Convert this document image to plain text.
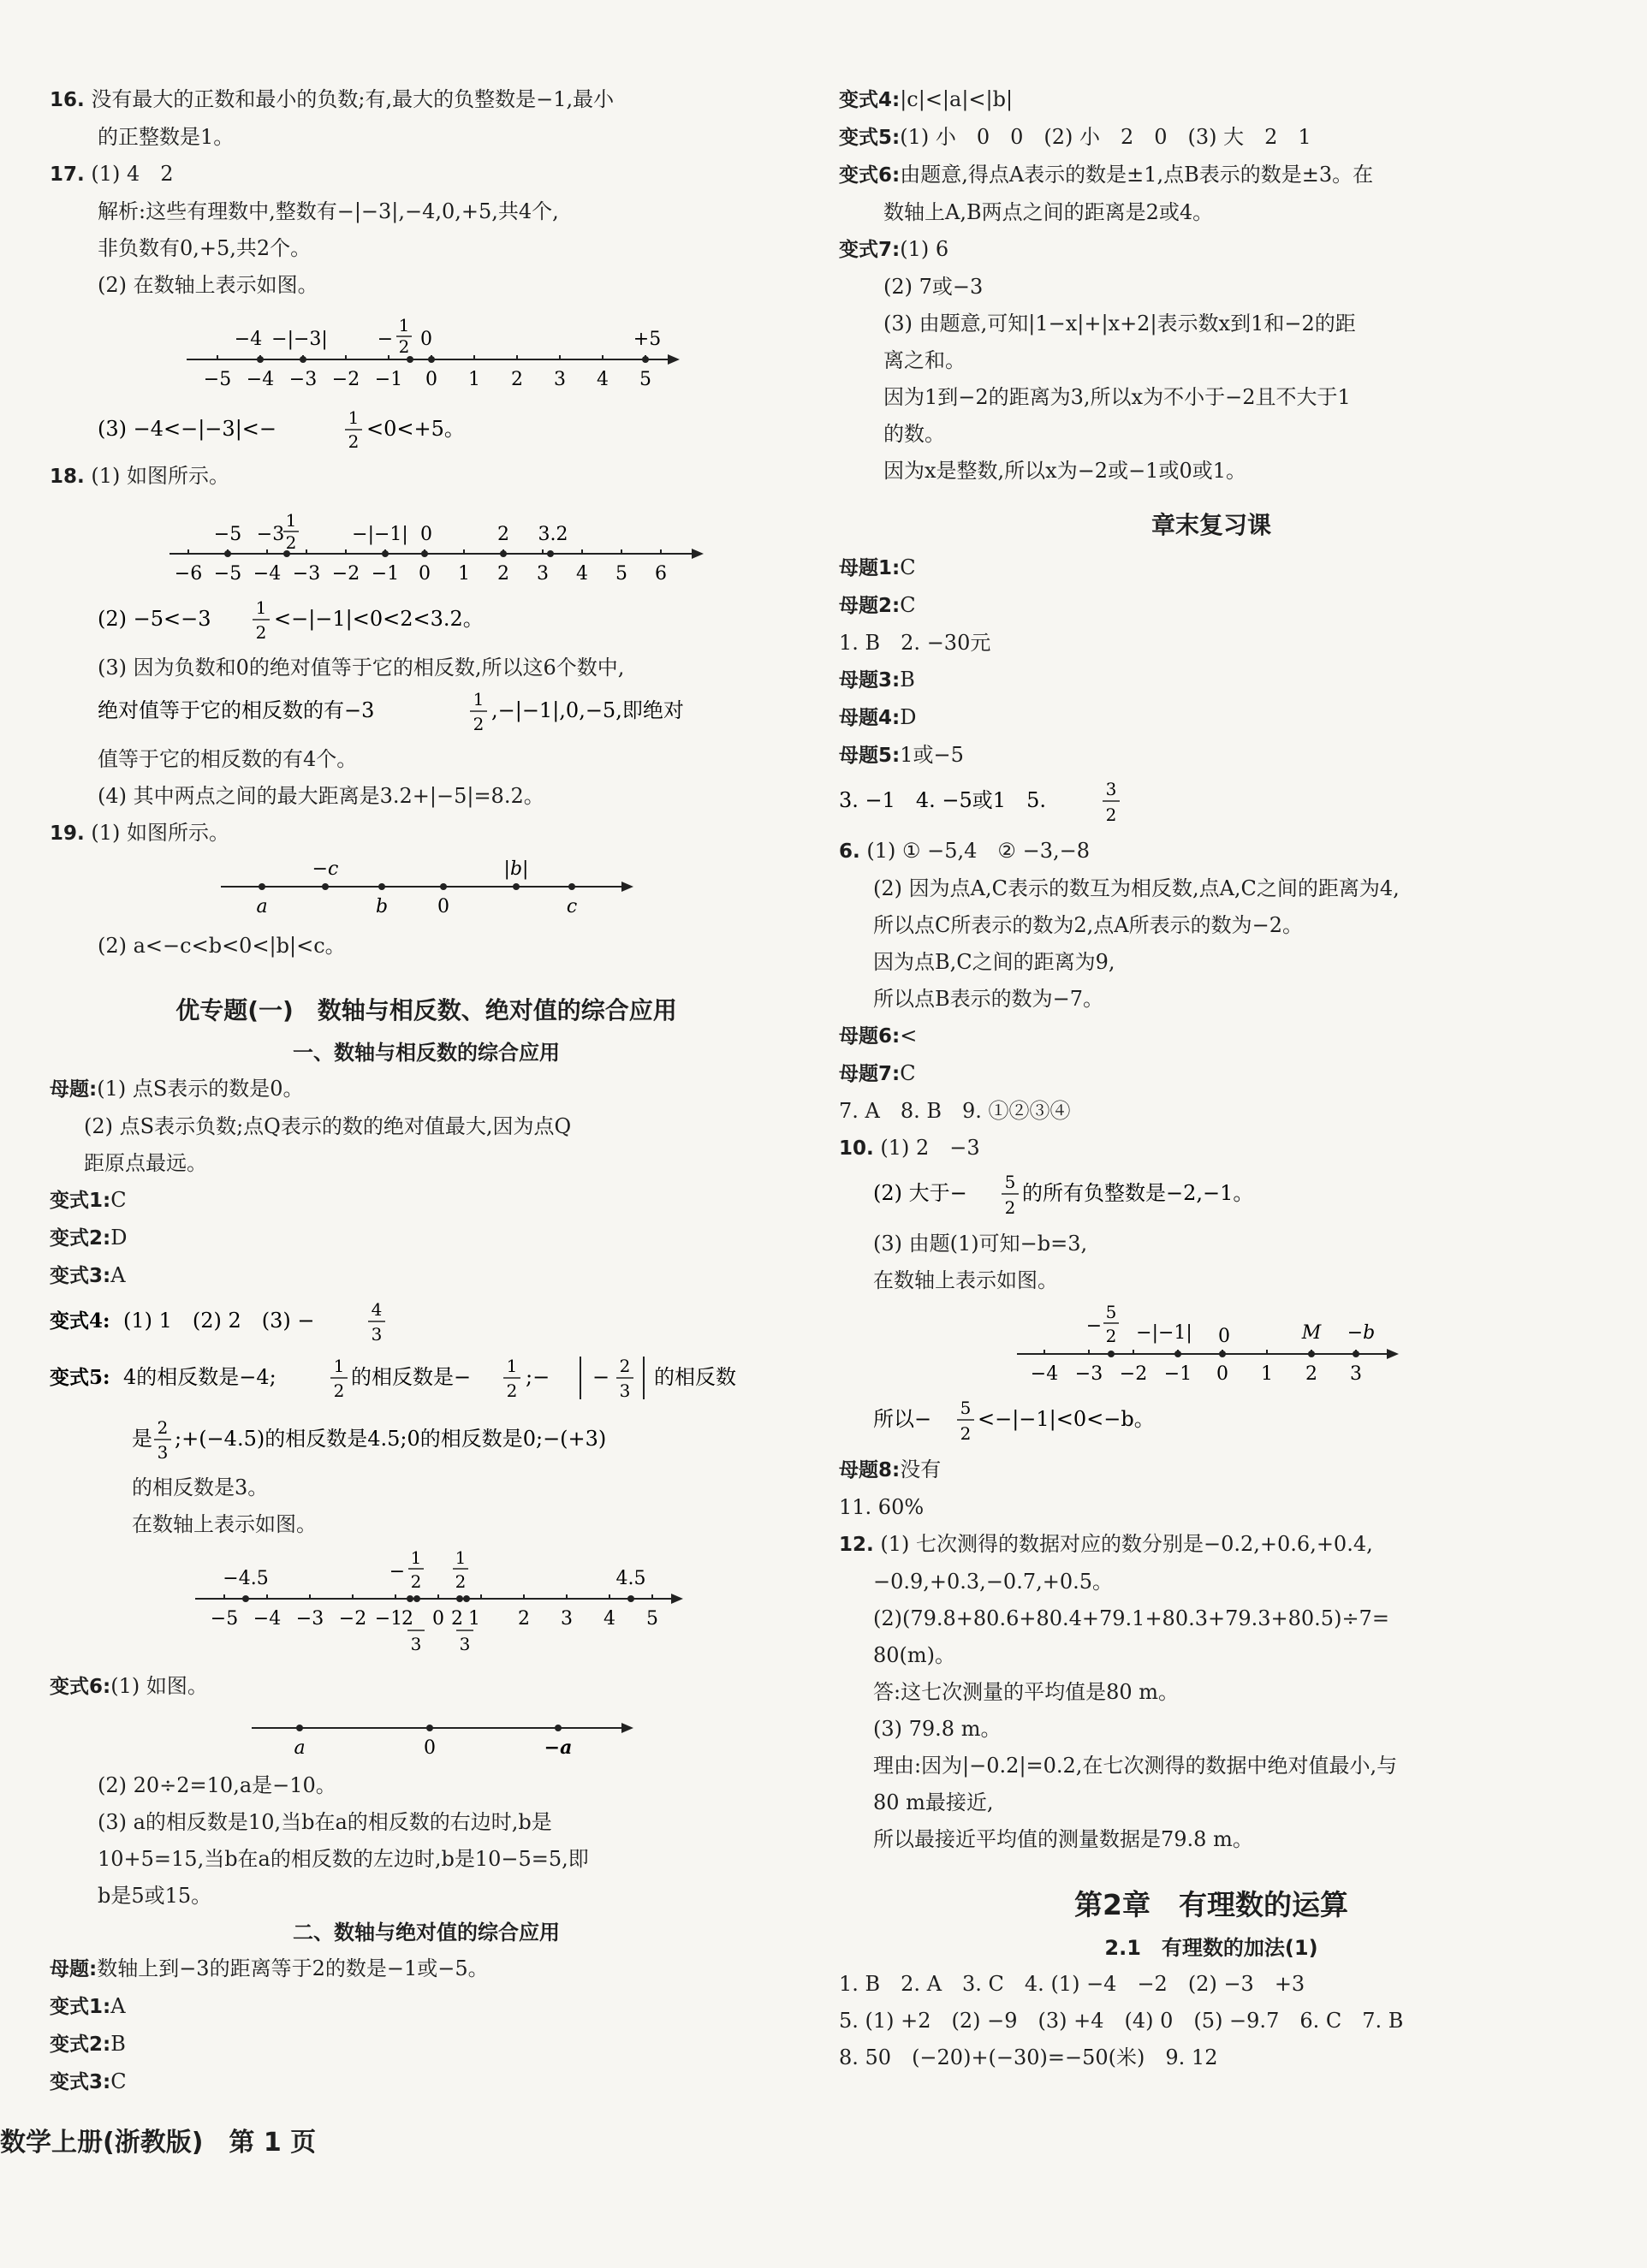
16. 没有最大的正数和最小的负数;有,最大的负整数是−1,最小
的正整数是1。
17. (1) 4　2
解析:这些有理数中,整数有−|−3|,−4,0,+5,共4个,
非负数有0,+5,共2个。
(2) 在数轴上表示如图。
−4 −|−3|	−
1
2 0	+5
−5 −4 −3 −2 −1 0 1 2 3 4 5

(3) −4<−|−3|<−	1
2
<0<+5。
18. (1) 如图所示。
−5 −3
1
2	−|−1| 0	2 3.2
−6 −5 −4 −3 −2 −1 0 1 2 3 4 5 6

(2) −5<−3	1
2
<−|−1|<0<2<3.2。
(3) 因为负数和0的绝对值等于它的相反数,所以这6个数中,
绝对值等于它的相反数的有−3	1
2
,−|−1|,0,−5,即绝对
值等于它的相反数的有4个。
(4) 其中两点之间的最大距离是3.2+|−5|=8.2。
19. (1) 如图所示。
−c	|b|
a	b	0	c
(2) a<−c<b<0<|b|<c。
优专题(一)　数轴与相反数、绝对值的综合应用
一、数轴与相反数的综合应用
母题:(1) 点S表示的数是0。
(2) 点S表示负数;点Q表示的数的绝对值最大,因为点Q
距原点最远。
变式1:C
变式2:D
变式3:A
变式4: (1) 1　(2) 2　(3) −	4
3

变式5: 4的相反数是−4;	1
2
的相反数是− 1
2
;− − 2
3
的相反数
是 2
3
;+(−4.5)的相反数是4.5;0的相反数是0;−(+3)
的相反数是3。
在数轴上表示如图。
−4.5	−
1
2
1
2	4.5
−5 −4 −3 −2 −1
2 0 2 1 2 3 4 5
3 3
变式6:(1) 如图。
a	0	−a
(2) 20÷2=10,a是−10。
(3) a的相反数是10,当b在a的相反数的右边时,b是
10+5=15,当b在a的相反数的左边时,b是10−5=5,即
b是5或15。
二、数轴与绝对值的综合应用
母题:数轴上到−3的距离等于2的数是−1或−5。
变式1:A
变式2:B
变式3:C
变式4:|c|<|a|<|b|
变式5:(1) 小　0　0　(2) 小　2　0　(3) 大　2　1
变式6:由题意,得点A表示的数是±1,点B表示的数是±3。在
数轴上A,B两点之间的距离是2或4。
变式7:(1) 6
(2) 7或−3
(3) 由题意,可知|1−x|+|x+2|表示数x到1和−2的距
离之和。
因为1到−2的距离为3,所以x为不小于−2且不大于1
的数。
因为x是整数,所以x为−2或−1或0或1。
章末复习课
母题1:C
母题2:C
1. B　2. −30元
母题3:B
母题4:D
母题5:1或−5
3. −1　4. −5或1　5.	3
2
6. (1) ① −5,4　② −3,−8
(2) 因为点A,C表示的数互为相反数,点A,C之间的距离为4,
所以点C所表示的数为2,点A所表示的数为−2。
因为点B,C之间的距离为9,
所以点B表示的数为−7。
母题6:<
母题7:C
7. A　8. B　9. ①②③④
10. (1) 2　−3
(2) 大于− 5
2
的所有负整数是−2,−1。
(3) 由题(1)可知−b=3,
在数轴上表示如图。
−
5
2 −|−1| 0	M −b
−4 −3 −2 −1 0 1 2 3

所以− 5
2
<−|−1|<0<−b。
母题8:没有
11. 60%
12. (1) 七次测得的数据对应的数分别是−0.2,+0.6,+0.4,
−0.9,+0.3,−0.7,+0.5。
(2)(79.8+80.6+80.4+79.1+80.3+79.3+80.5)÷7=
80(m)。
答:这七次测量的平均值是80 m。
(3) 79.8 m。
理由:因为|−0.2|=0.2,在七次测得的数据中绝对值最小,与
80 m最接近,
所以最接近平均值的测量数据是79.8 m。
第2章　有理数的运算
2.1　有理数的加法(1)
1. B　2. A　3. C　4. (1) −4　−2　(2) −3　+3
5. (1) +2　(2) −9　(3) +4　(4) 0　(5) −9.7　6. C　7. B
8. 50　(−20)+(−30)=−50(米)　9. 12
数学上册(浙教版)　第 1 页
